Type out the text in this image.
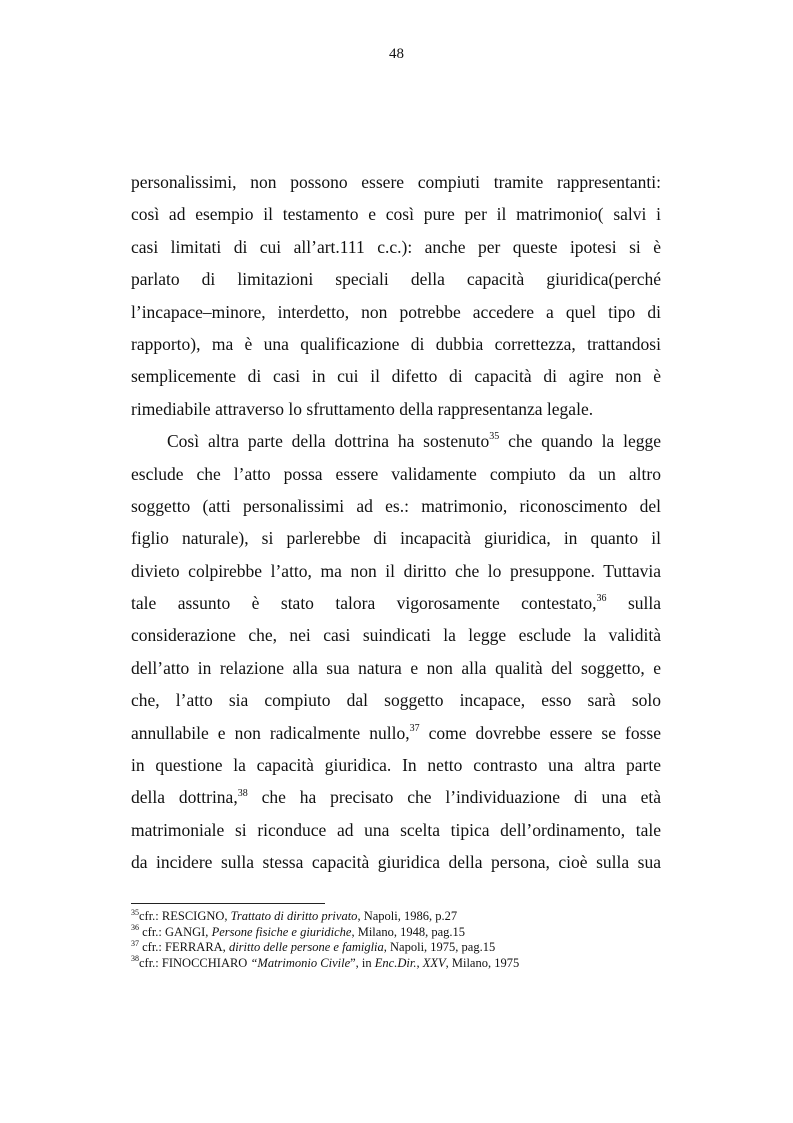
48
personalissimi, non possono essere compiuti tramite rappresentanti:
così ad esempio il testamento e così pure per il matrimonio( salvi i
casi limitati di cui all’art.111 c.c.): anche per queste ipotesi si è
parlato di limitazioni speciali della capacità giuridica(perché
l’incapace–minore, interdetto, non potrebbe accedere a quel tipo di
rapporto), ma è una qualificazione di dubbia correttezza, trattandosi
semplicemente di casi in cui il difetto di capacità di agire non è
rimediabile attraverso lo sfruttamento della rappresentanza legale.
Così altra parte della dottrina ha sostenuto$^{35}$ che quando la legge
esclude che l’atto possa essere validamente compiuto da un altro
soggetto (atti personalissimi ad es.: matrimonio, riconoscimento del
figlio naturale), si parlerebbe di incapacità giuridica, in quanto il
divieto colpirebbe l’atto, ma non il diritto che lo presuppone. Tuttavia
tale assunto è stato talora vigorosamente contestato,$^{36}$ sulla
considerazione che, nei casi suindicati la legge esclude la validità
dell’atto in relazione alla sua natura e non alla qualità del soggetto, e
che, l’atto sia compiuto dal soggetto incapace, esso sarà solo
annullabile e non radicalmente nullo,$^{37}$ come dovrebbe essere se fosse
in questione la capacità giuridica. In netto contrasto una altra parte
della dottrina,$^{38}$ che ha precisato che l’individuazione di una età
matrimoniale si riconduce ad una scelta tipica dell’ordinamento, tale
da incidere sulla stessa capacità giuridica della persona, cioè sulla sua
$^{35}$cfr.: RESCIGNO, Trattato di diritto privato, Napoli, 1986, p.27
$^{36}$ cfr.: GANGI, Persone fisiche e giuridiche, Milano, 1948, pag.15
$^{37}$ cfr.: FERRARA, diritto delle persone e famiglia, Napoli, 1975, pag.15
$^{38}$cfr.: FINOCCHIARO “Matrimonio Civile”, in Enc.Dir., XXV, Milano, 1975
